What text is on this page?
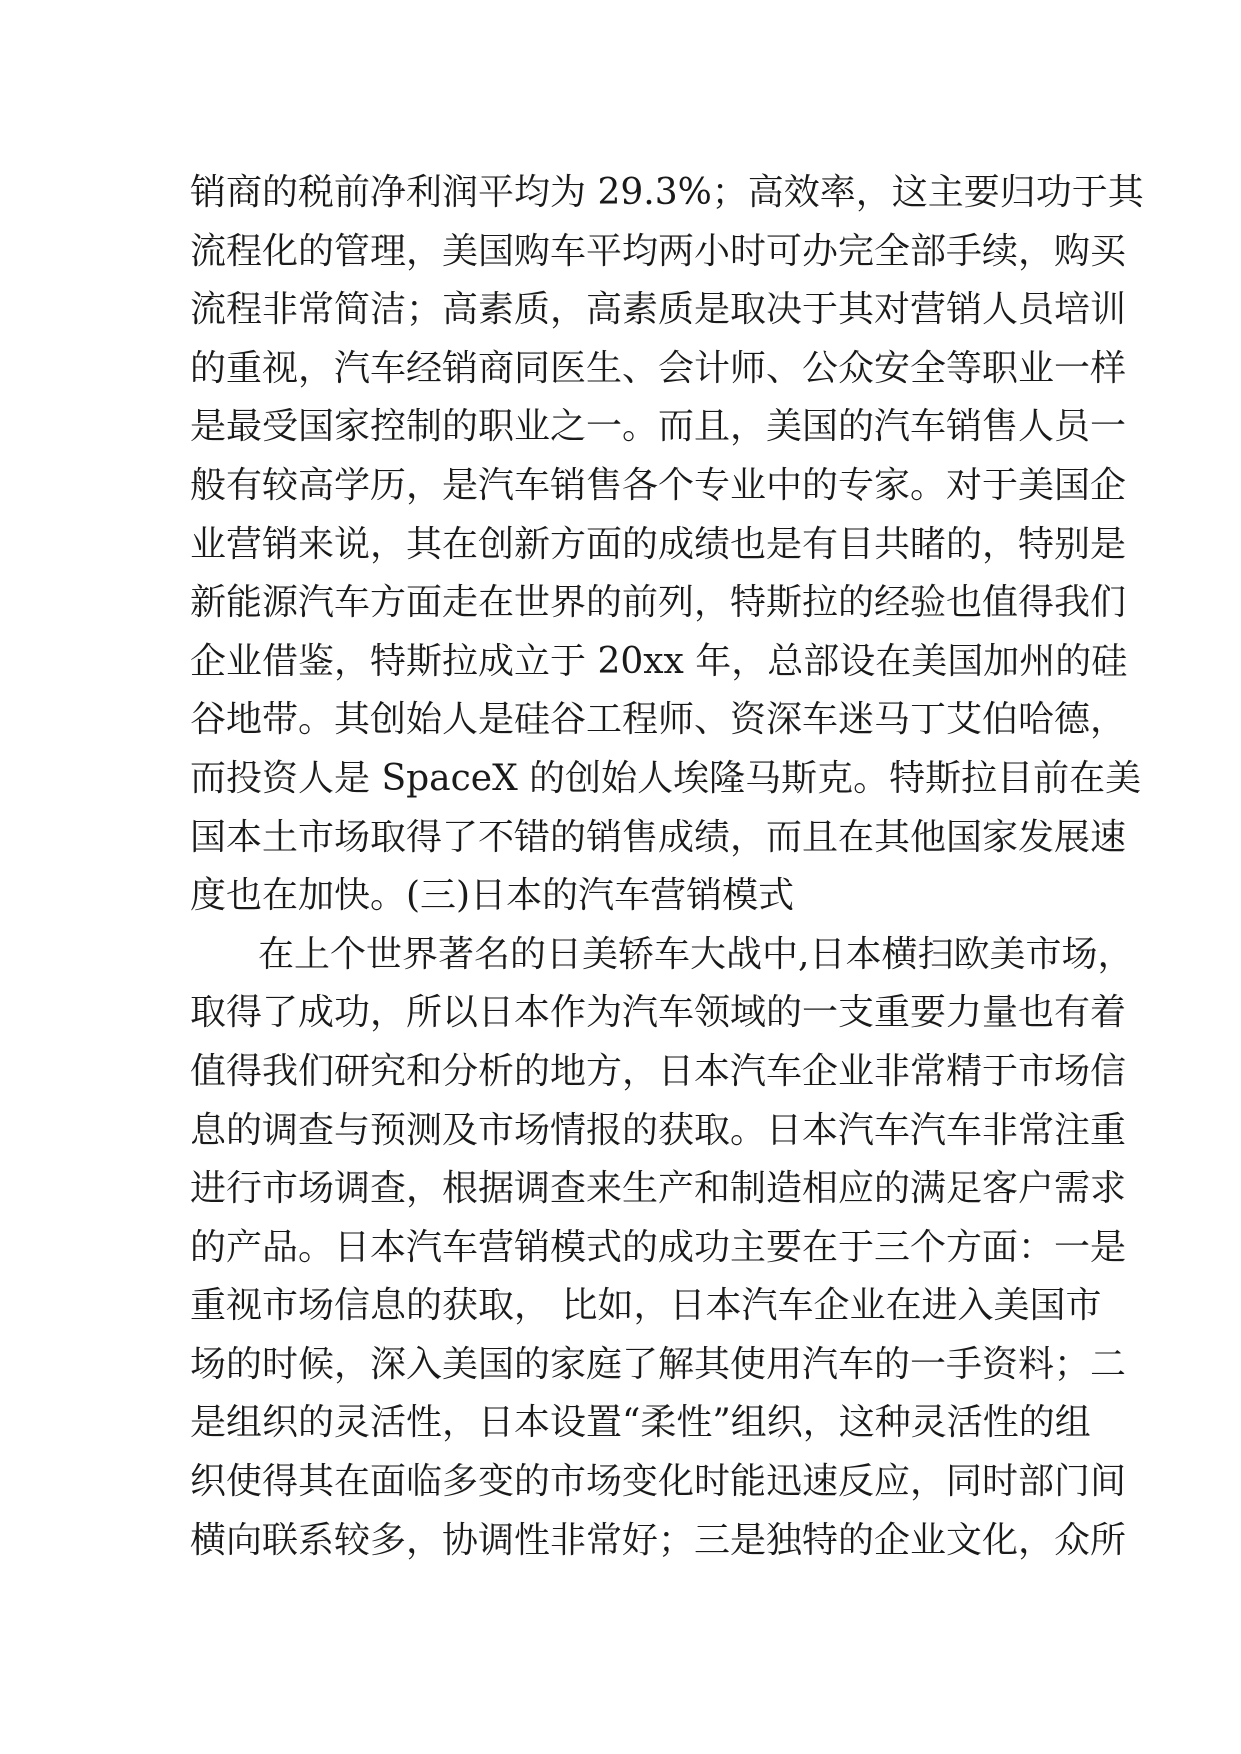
销商的税前净利润平均为 29.3%；高效率，这主要归功于其
流程化的管理，美国购车平均两小时可办完全部手续，购买
流程非常简洁；高素质，高素质是取决于其对营销人员培训
的重视，汽车经销商同医生、会计师、公众安全等职业一样
是最受国家控制的职业之一。而且，美国的汽车销售人员一
般有较高学历，是汽车销售各个专业中的专家。对于美国企
业营销来说，其在创新方面的成绩也是有目共睹的，特别是
新能源汽车方面走在世界的前列，特斯拉的经验也值得我们
企业借鉴，特斯拉成立于 20xx 年，总部设在美国加州的硅
谷地带。其创始人是硅谷工程师、资深车迷马丁艾伯哈德，
而投资人是 SpaceX 的创始人埃隆马斯克。特斯拉目前在美
国本土市场取得了不错的销售成绩，而且在其他国家发展速
度也在加快。(三)日本的汽车营销模式
在上个世界著名的日美轿车大战中,日本横扫欧美市场，
取得了成功，所以日本作为汽车领域的一支重要力量也有着
值得我们研究和分析的地方，日本汽车企业非常精于市场信
息的调查与预测及市场情报的获取。日本汽车汽车非常注重
进行市场调查，根据调查来生产和制造相应的满足客户需求
的产品。日本汽车营销模式的成功主要在于三个方面：一是
重视市场信息的获取， 比如，日本汽车企业在进入美国市
场的时候，深入美国的家庭了解其使用汽车的一手资料；二
是组织的灵活性，日本设置“柔性”组织，这种灵活性的组
织使得其在面临多变的市场变化时能迅速反应，同时部门间
横向联系较多，协调性非常好；三是独特的企业文化，众所
